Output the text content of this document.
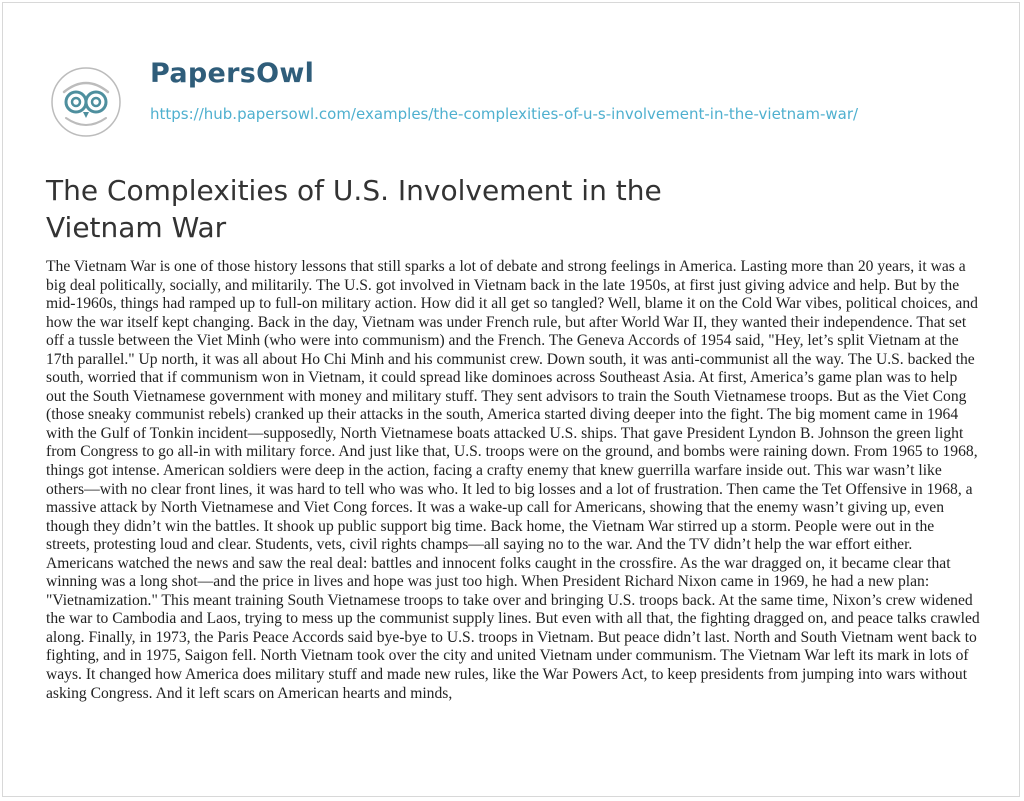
PapersOwl
https://hub.papersowl.com/examples/the-complexities-of-u-s-involvement-in-the-vietnam-war/
The Complexities of U.S. Involvement in the Vietnam War

The Vietnam War is one of those history lessons that still sparks a lot of debate and strong feelings in America. Lasting more than 20 years, it was a big deal politically, socially, and militarily. The U.S. got involved in Vietnam back in the late 1950s, at first just giving advice and help. But by the mid-1960s, things had ramped up to full-on military action. How did it all get so tangled? Well, blame it on the Cold War vibes, political choices, and how the war itself kept changing. Back in the day, Vietnam was under French rule, but after World War II, they wanted their independence. That set off a tussle between the Viet Minh (who were into communism) and the French. The Geneva Accords of 1954 said, "Hey, let’s split Vietnam at the 17th parallel." Up north, it was all about Ho Chi Minh and his communist crew. Down south, it was anti-communist all the way. The U.S. backed the south, worried that if communism won in Vietnam, it could spread like dominoes across Southeast Asia. At first, America’s game plan was to help out the South Vietnamese government with money and military stuff. They sent advisors to train the South Vietnamese troops. But as the Viet Cong (those sneaky communist rebels) cranked up their attacks in the south, America started diving deeper into the fight. The big moment came in 1964 with the Gulf of Tonkin incident—supposedly, North Vietnamese boats attacked U.S. ships. That gave President Lyndon B. Johnson the green light from Congress to go all-in with military force. And just like that, U.S. troops were on the ground, and bombs were raining down. From 1965 to 1968, things got intense. American soldiers were deep in the action, facing a crafty enemy that knew guerrilla warfare inside out. This war wasn’t like others—with no clear front lines, it was hard to tell who was who. It led to big losses and a lot of frustration. Then came the Tet Offensive in 1968, a massive attack by North Vietnamese and Viet Cong forces. It was a wake-up call for Americans, showing that the enemy wasn’t giving up, even though they didn’t win the battles. It shook up public support big time. Back home, the Vietnam War stirred up a storm. People were out in the streets, protesting loud and clear. Students, vets, civil rights champs—all saying no to the war. And the TV didn’t help the war effort either. Americans watched the news and saw the real deal: battles and innocent folks caught in the crossfire. As the war dragged on, it became clear that winning was a long shot—and the price in lives and hope was just too high. When President Richard Nixon came in 1969, he had a new plan: "Vietnamization." This meant training South Vietnamese troops to take over and bringing U.S. troops back. At the same time, Nixon’s crew widened the war to Cambodia and Laos, trying to mess up the communist supply lines. But even with all that, the fighting dragged on, and peace talks crawled along. Finally, in 1973, the Paris Peace Accords said bye-bye to U.S. troops in Vietnam. But peace didn’t last. North and South Vietnam went back to fighting, and in 1975, Saigon fell. North Vietnam took over the city and united Vietnam under communism. The Vietnam War left its mark in lots of ways. It changed how America does military stuff and made new rules, like the War Powers Act, to keep presidents from jumping into wars without asking Congress. And it left scars on American hearts and minds,
